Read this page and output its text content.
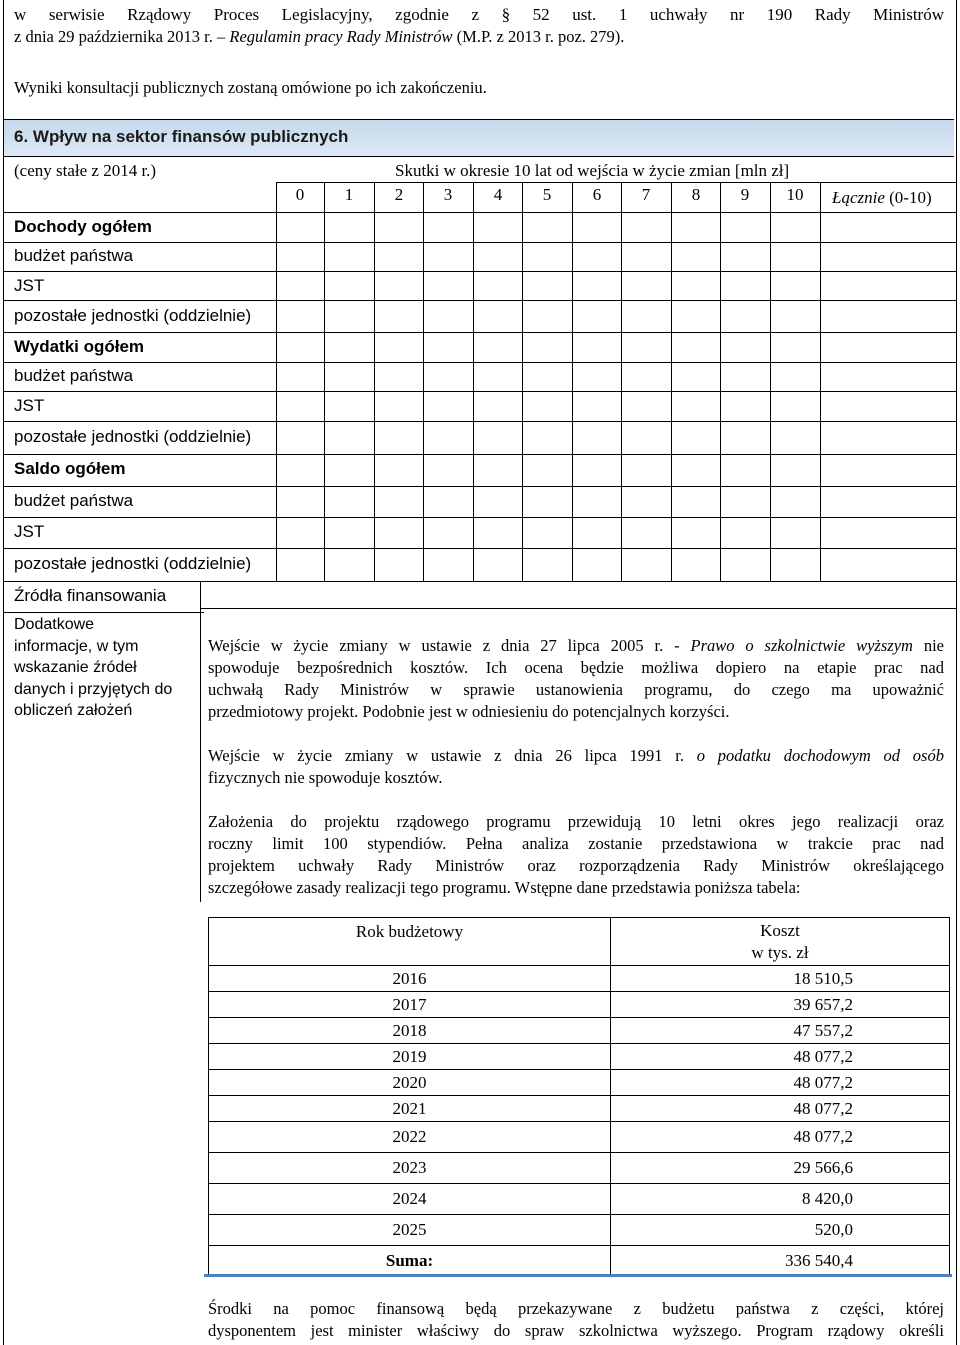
w serwisie Rządowy Proces Legislacyjny, zgodnie z § 52 ust. 1 uchwały nr 190 Rady Ministrów
z dnia 29 października 2013 r. – Regulamin pracy Rady Ministrów (M.P. z 2013 r. poz. 279).
Wyniki konsultacji publicznych zostaną omówione po ich zakończeniu.
6. Wpływ na sektor finansów publicznych
(ceny stałe z 2014 r.)	Skutki w okresie 10 lat od wejścia w życie zmian [mln zł]
0	1	2	3	4	5	6	7	8	9	10 Łącznie (0-10)
Dochody ogółem
budżet państwa
JST
pozostałe jednostki (oddzielnie)
Wydatki ogółem
budżet państwa
JST
pozostałe jednostki (oddzielnie)
Saldo ogółem
budżet państwa
JST
pozostałe jednostki (oddzielnie)
Źródła finansowania
Dodatkowe
informacje, w tym
wskazanie źródeł
danych i przyjętych do
obliczeń założeń
Wejście w życie zmiany w ustawie z dnia 27 lipca 2005 r. - Prawo o szkolnictwie wyższym nie
spowoduje bezpośrednich kosztów. Ich ocena będzie możliwa dopiero na etapie prac nad
uchwałą Rady Ministrów w sprawie ustanowienia programu, do czego ma upoważnić
przedmiotowy projekt. Podobnie jest w odniesieniu do potencjalnych korzyści.
Wejście w życie zmiany w ustawie z dnia 26 lipca 1991 r. o podatku dochodowym od osób
fizycznych nie spowoduje kosztów.
Założenia do projektu rządowego programu przewidują 10 letni okres jego realizacji oraz
roczny limit 100 stypendiów. Pełna analiza zostanie przedstawiona w trakcie prac nad
projektem uchwały Rady Ministrów oraz rozporządzenia Rady Ministrów określającego
szczegółowe zasady realizacji tego programu. Wstępne dane przedstawia poniższa tabela:
Rok budżetowy	Koszt
w tys. zł
2016	18 510,5
2017	39 657,2
2018	47 557,2
2019	48 077,2
2020	48 077,2
2021	48 077,2
2022	48 077,2
2023	29 566,6
2024	8 420,0
2025	520,0
Suma:	336 540,4
Środki na pomoc finansową będą przekazywane z budżetu państwa z części, której
dysponentem jest minister właściwy do spraw szkolnictwa wyższego. Program rządowy określi
